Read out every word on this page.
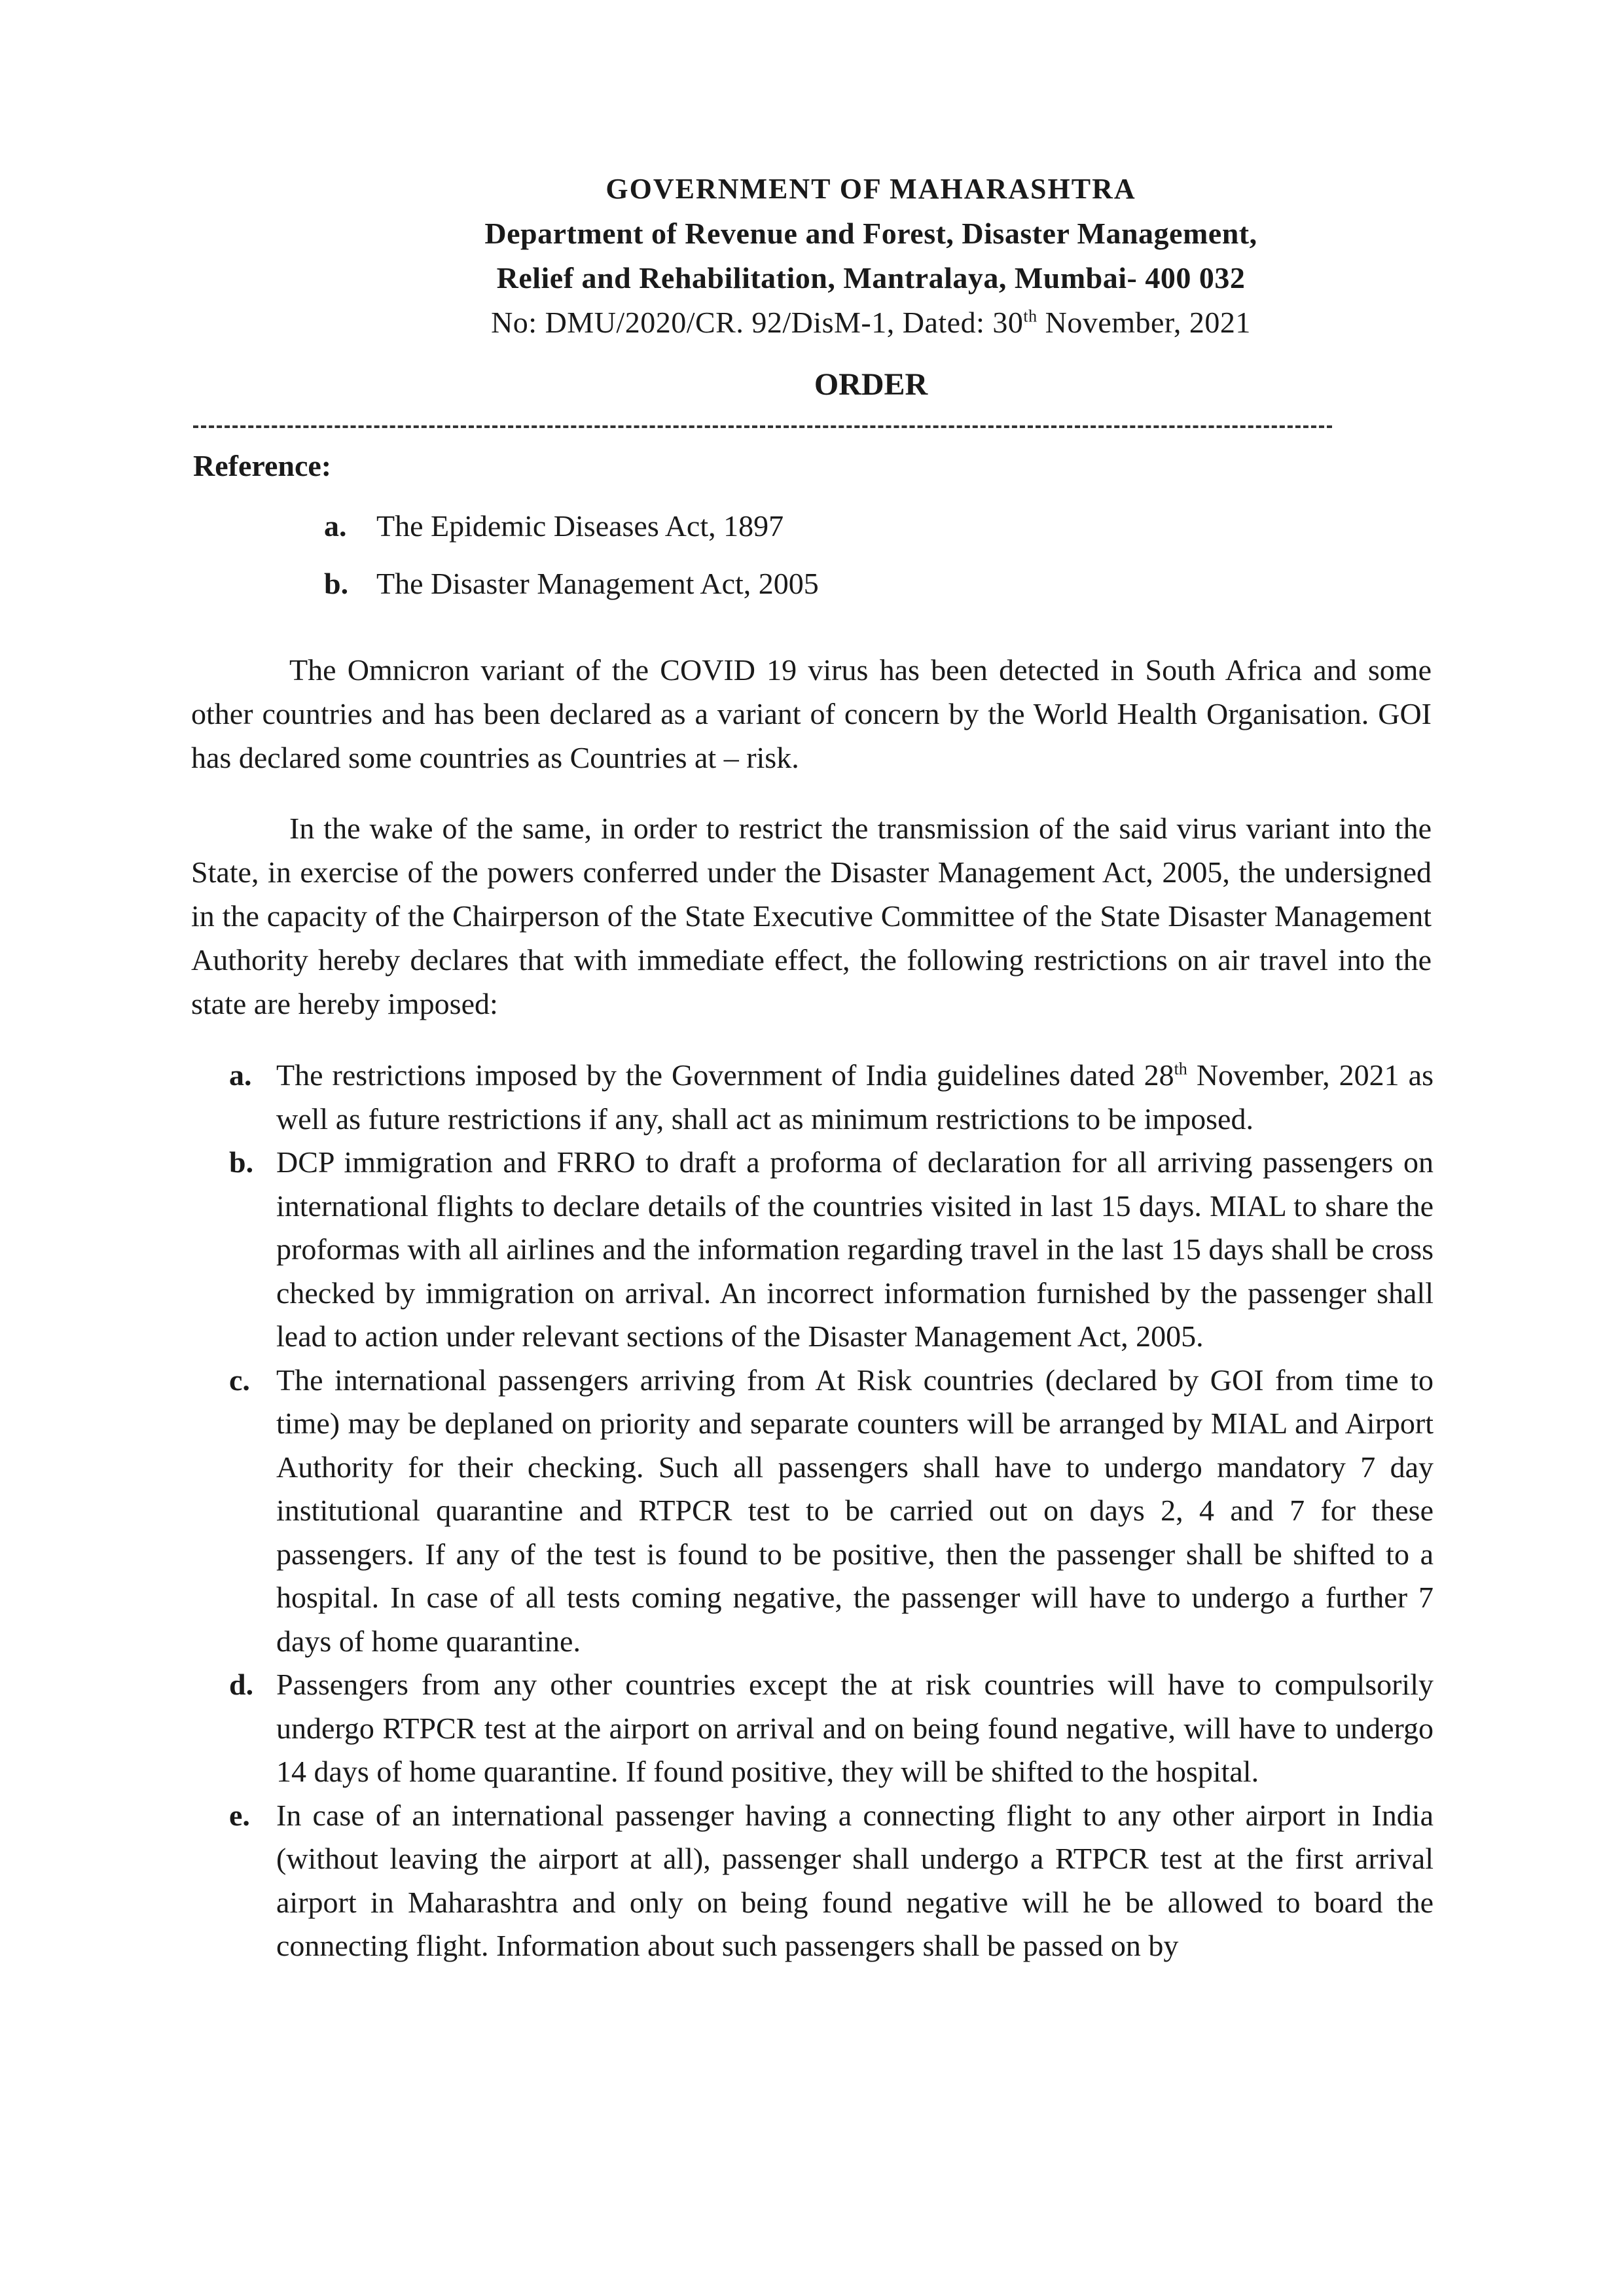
GOVERNMENT OF MAHARASHTRA
Department of Revenue and Forest, Disaster Management,
Relief and Rehabilitation, Mantralaya, Mumbai- 400 032
No: DMU/2020/CR. 92/DisM-1, Dated: 30th November, 2021
ORDER
Reference:
a. The Epidemic Diseases Act, 1897
b. The Disaster Management Act, 2005
The Omnicron variant of the COVID 19 virus has been detected in South Africa and some other countries and has been declared as a variant of concern by the World Health Organisation. GOI has declared some countries as Countries at – risk.
In the wake of the same, in order to restrict the transmission of the said virus variant into the State, in exercise of the powers conferred under the Disaster Management Act, 2005, the undersigned in the capacity of the Chairperson of the State Executive Committee of the State Disaster Management Authority hereby declares that with immediate effect, the following restrictions on air travel into the state are hereby imposed:
a. The restrictions imposed by the Government of India guidelines dated 28th November, 2021 as well as future restrictions if any, shall act as minimum restrictions to be imposed.
b. DCP immigration and FRRO to draft a proforma of declaration for all arriving passengers on international flights to declare details of the countries visited in last 15 days. MIAL to share the proformas with all airlines and the information regarding travel in the last 15 days shall be cross checked by immigration on arrival. An incorrect information furnished by the passenger shall lead to action under relevant sections of the Disaster Management Act, 2005.
c. The international passengers arriving from At Risk countries (declared by GOI from time to time) may be deplaned on priority and separate counters will be arranged by MIAL and Airport Authority for their checking. Such all passengers shall have to undergo mandatory 7 day institutional quarantine and RTPCR test to be carried out on days 2, 4 and 7 for these passengers. If any of the test is found to be positive, then the passenger shall be shifted to a hospital. In case of all tests coming negative, the passenger will have to undergo a further 7 days of home quarantine.
d. Passengers from any other countries except the at risk countries will have to compulsorily undergo RTPCR test at the airport on arrival and on being found negative, will have to undergo 14 days of home quarantine. If found positive, they will be shifted to the hospital.
e. In case of an international passenger having a connecting flight to any other airport in India (without leaving the airport at all), passenger shall undergo a RTPCR test at the first arrival airport in Maharashtra and only on being found negative will he be allowed to board the connecting flight. Information about such passengers shall be passed on by
